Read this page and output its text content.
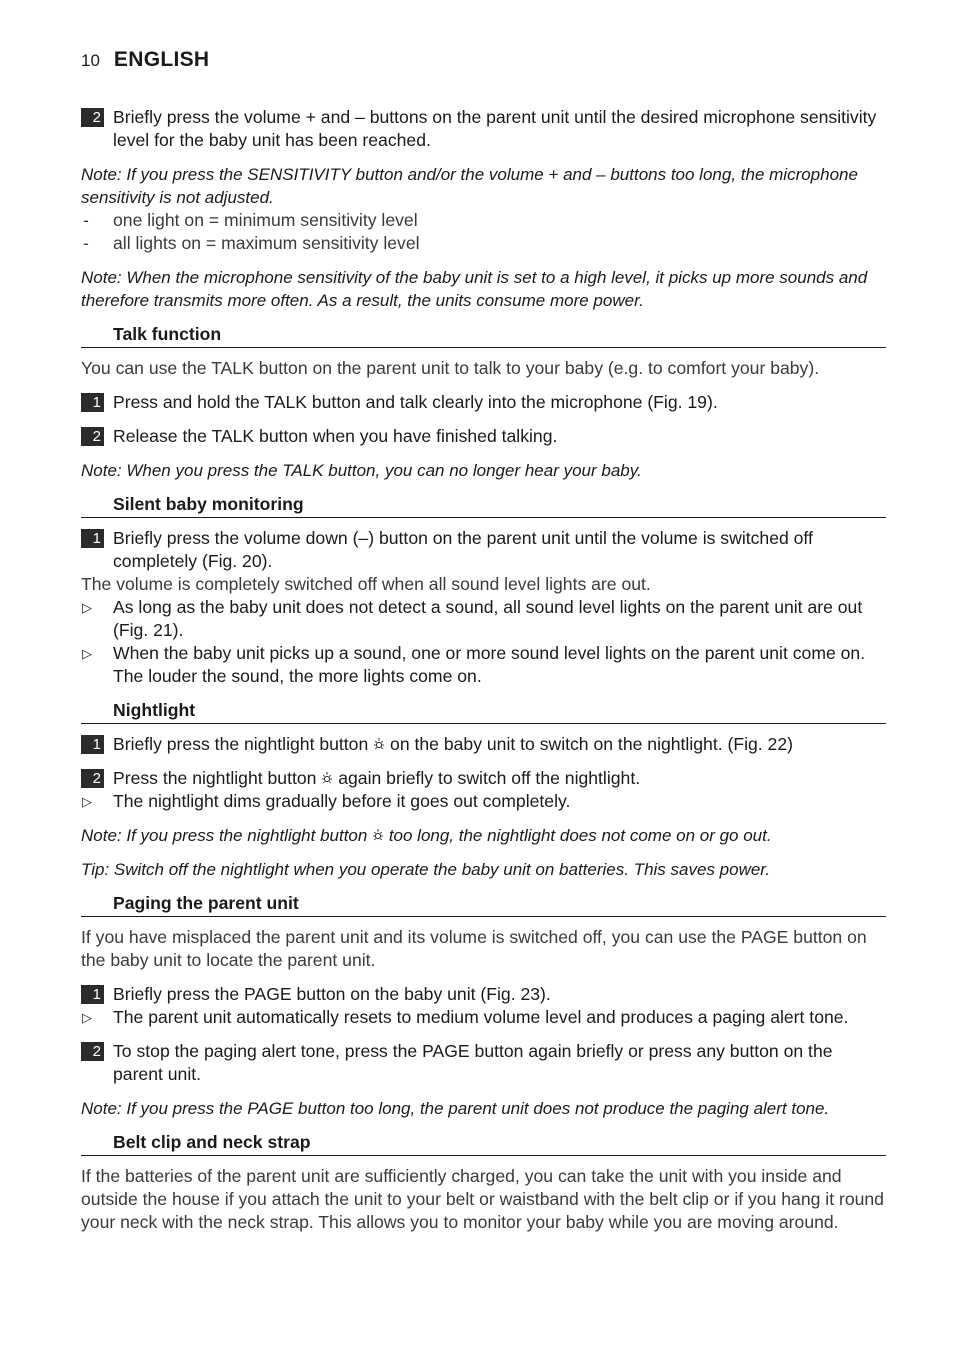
10 ENGLISH
2 Briefly press the volume + and – buttons on the parent unit until the desired microphone sensitivity level for the baby unit has been reached.
Note: If you press the SENSITIVITY button and/or the volume + and – buttons too long, the microphone sensitivity is not adjusted.
-	one light on = minimum sensitivity level
-	all lights on = maximum sensitivity level
Note: When the microphone sensitivity of the baby unit is set to a high level, it picks up more sounds and therefore transmits more often. As a result, the units consume more power.
Talk function
You can use the TALK button on the parent unit to talk to your baby (e.g. to comfort your baby).
1 Press and hold the TALK button and talk clearly into the microphone (Fig. 19).
2 Release the TALK button when you have finished talking.
Note: When you press the TALK button, you can no longer hear your baby.
Silent baby monitoring
1 Briefly press the volume down (–) button on the parent unit until the volume is switched off completely (Fig. 20).
The volume is completely switched off when all sound level lights are out.
▷	As long as the baby unit does not detect a sound, all sound level lights on the parent unit are out (Fig. 21).
▷	When the baby unit picks up a sound, one or more sound level lights on the parent unit come on. The louder the sound, the more lights come on.
Nightlight
1 Briefly press the nightlight button on the baby unit to switch on the nightlight. (Fig. 22)
2 Press the nightlight button again briefly to switch off the nightlight.
▷	The nightlight dims gradually before it goes out completely.
Note: If you press the nightlight button too long, the nightlight does not come on or go out.
Tip: Switch off the nightlight when you operate the baby unit on batteries. This saves power.
Paging the parent unit
If you have misplaced the parent unit and its volume is switched off, you can use the PAGE button on the baby unit to locate the parent unit.
1 Briefly press the PAGE button on the baby unit (Fig. 23).
▷	The parent unit automatically resets to medium volume level and produces a paging alert tone.
2 To stop the paging alert tone, press the PAGE button again briefly or press any button on the parent unit.
Note: If you press the PAGE button too long, the parent unit does not produce the paging alert tone.
Belt clip and neck strap
If the batteries of the parent unit are sufficiently charged, you can take the unit with you inside and outside the house if you attach the unit to your belt or waistband with the belt clip or if you hang it round your neck with the neck strap. This allows you to monitor your baby while you are moving around.
